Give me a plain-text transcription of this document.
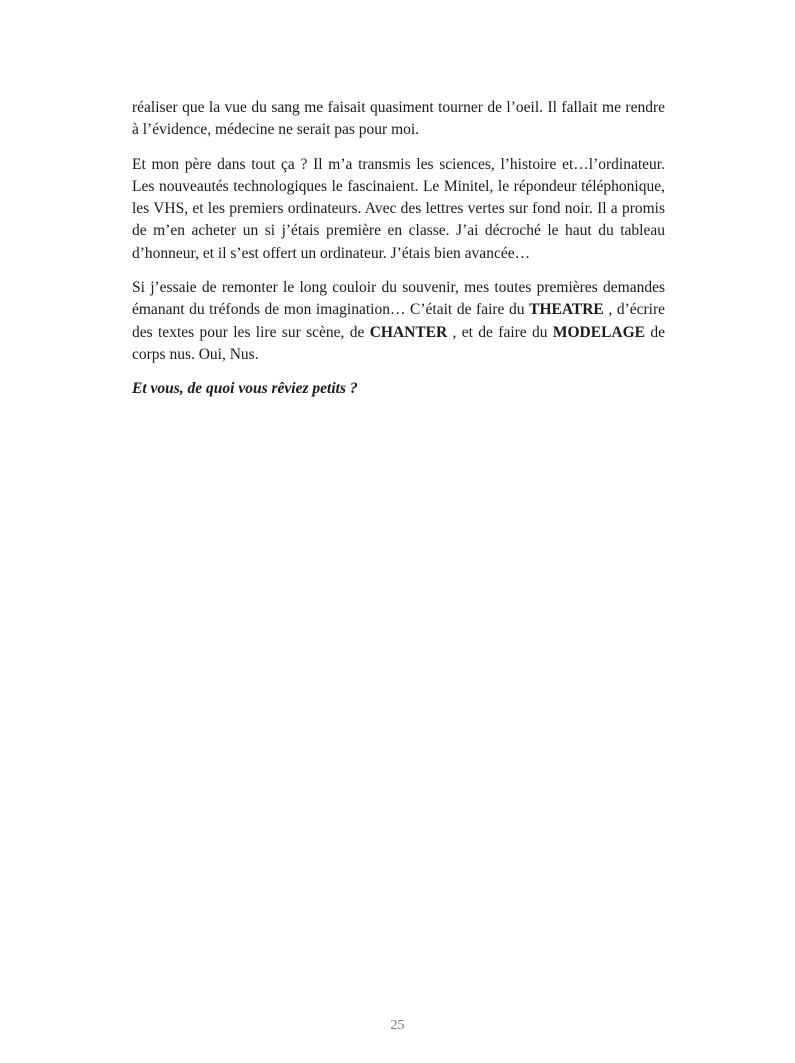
réaliser que la vue du sang me faisait quasiment tourner de l’oeil. Il fallait me rendre à l’évidence, médecine ne serait pas pour moi.

Et mon père dans tout ça ? Il m’a transmis les sciences, l’histoire et…l’ordinateur. Les nouveautés technologiques le fascinaient. Le Minitel, le répondeur téléphonique, les VHS, et les premiers ordinateurs. Avec des lettres vertes sur fond noir. Il a promis de m’en acheter un si j’étais première en classe. J’ai décroché le haut du tableau d’honneur, et il s’est offert un ordinateur. J’étais bien avancée…

Si j’essaie de remonter le long couloir du souvenir, mes toutes premières demandes émanant du tréfonds de mon imagination… C’était de faire du THEATRE , d’écrire des textes pour les lire sur scène, de CHANTER , et de faire du MODELAGE de corps nus. Oui, Nus.

Et vous, de quoi vous rêviez petits ?

25
